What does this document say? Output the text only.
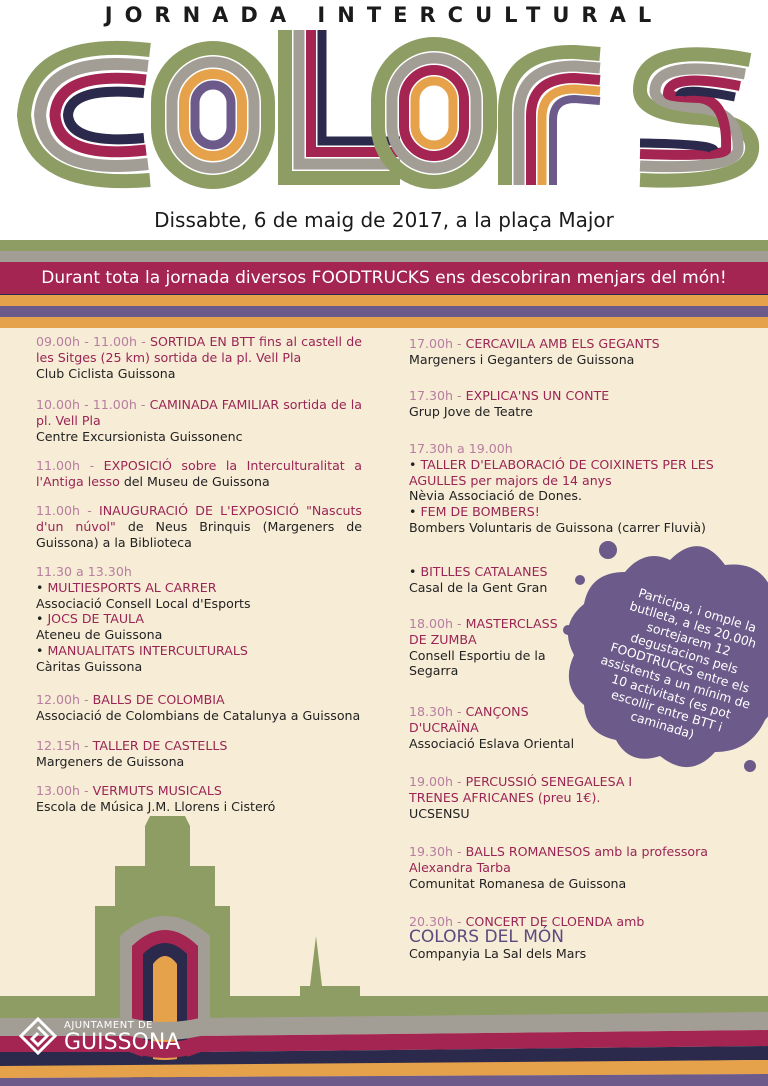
JORNADA INTERCULTURAL
Dissabte, 6 de maig de 2017, a la plaça Major
Durant tota la jornada diversos FOODTRUCKS ens descobriran menjars del món!
09.00h - 11.00h - SORTIDA EN BTT fins al castell de les Sitges (25 km) sortida de la pl. Vell Pla
Club Ciclista Guissona
10.00h - 11.00h - CAMINADA FAMILIAR sortida de la pl. Vell Pla
Centre Excursionista Guissonenc
11.00h - EXPOSICIÓ sobre la Interculturalitat a l'Antiga lesso del Museu de Guissona
11.00h - INAUGURACIÓ DE L'EXPOSICIÓ "Nascuts d'un núvol" de Neus Brinquis (Margeners de Guissona) a la Biblioteca
11.30 a 13.30h
• MULTIESPORTS AL CARRER
Associació Consell Local d'Esports
• JOCS DE TAULA
Ateneu de Guissona
• MANUALITATS INTERCULTURALS
Càritas Guissona
12.00h - BALLS DE COLOMBIA
Associació de Colombians de Catalunya a Guissona
12.15h - TALLER DE CASTELLS
Margeners de Guissona
13.00h - VERMUTS MUSICALS
Escola de Música J.M. Llorens i Cisteró
17.00h - CERCAVILA AMB ELS GEGANTS
Margeners i Geganters de Guissona
17.30h - EXPLICA'NS UN CONTE
Grup Jove de Teatre
17.30h a 19.00h
• TALLER D'ELABORACIÓ DE COIXINETS PER LES AGULLES per majors de 14 anys
Nèvia Associació de Dones.
• FEM DE BOMBERS!
Bombers Voluntaris de Guissona (carrer Fluvià)
• BITLLES CATALANES
Casal de la Gent Gran
18.00h - MASTERCLASS DE ZUMBA
Consell Esportiu de la Segarra
18.30h - CANÇONS D'UCRAÏNA
Associació Eslava Oriental
19.00h - PERCUSSIÓ SENEGALESA I TRENES AFRICANES (preu 1€).
UCSENSU
19.30h - BALLS ROMANESOS amb la professora Alexandra Tarba
Comunitat Romanesa de Guissona
20.30h - CONCERT DE CLOENDA amb
COLORS DEL MÓN
Companyia La Sal dels Mars
Participa, i omple la butlleta, a les 20.00h sortejarem 12 degustacions pels FOODTRUCKS entre els assistents a un mínim de 10 activitats (es pot escollir entre BTT i caminada)
AJUNTAMENT DE
GUISSONA
